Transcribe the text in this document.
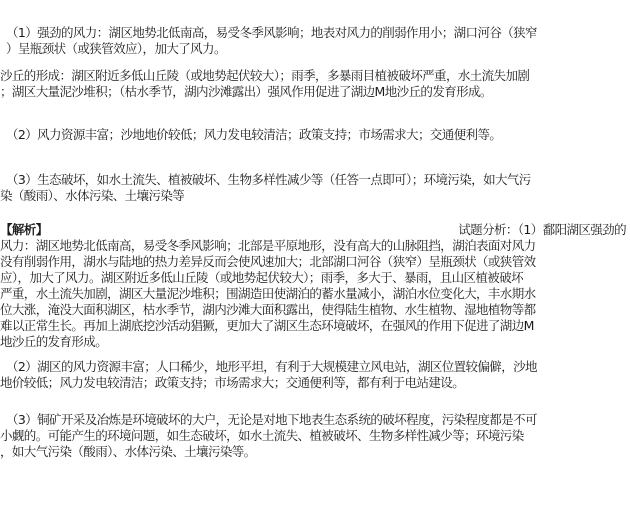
（1）强劲的风力：湖区地势北低南高，易受冬季风影响；地表对风力的削弱作用小；湖口河谷（狭窄
）呈瓶颈状（或狭管效应），加大了风力。
沙丘的形成：湖区附近多低山丘陵（或地势起伏较大）；雨季，多暴雨目植被破坏严重，水土流失加剧
；湖区大量泥沙堆积；（枯水季节，湖内沙滩露出）强风作用促进了湖边M地沙丘的发育形成。
（2）风力资源丰富；沙地地价较低；风力发电较清洁；政策支持；市场需求大；交通便利等。
（3）生态破坏，如水土流失、植被破坏、生物多样性减少等（任答一点即可）；环境污染，如大气污
染（酸雨）、水体污染、土壤污染等
【解析】	试题分析：（1）鄱阳湖区强劲的
风力：湖区地势北低南高，易受冬季风影响；北部是平原地形，没有高大的山脉阻挡，湖泊表面对风力
没有削弱作用，湖水与陆地的热力差异反而会使风速加大；北部湖口河谷（狭窄）呈瓶颈状（或狭管效
应），加大了风力。湖区附近多低山丘陵（或地势起伏较大）；雨季，多大于、暴雨，且山区植被破坏
严重，水土流失加剧，湖区大量泥沙堆积；围湖造田使湖泊的蓄水量减小，湖泊水位变化大，丰水期水
位大涨，淹没大面积湖区，枯水季节，湖内沙滩大面积露出，使得陆生植物、水生植物、湿地植物等都
难以正常生长。再加上湖底挖沙活动猖獗，更加大了湖区生态环境破坏，在强风的作用下促进了湖边M
地沙丘的发育形成。
（2）湖区的风力资源丰富；人口稀少，地形平坦，有利于大规模建立风电站，湖区位置较偏僻，沙地
地价较低；风力发电较清洁；政策支持；市场需求大；交通便利等，都有利于电站建设。
（3）铜矿开采及冶炼是环境破坏的大户，无论是对地下地表生态系统的破坏程度，污染程度都是不可
小觑的。可能产生的环境问题，如生态破坏，如水土流失、植被破坏、生物多样性减少等；环境污染
，如大气污染（酸雨）、水体污染、土壤污染等。
